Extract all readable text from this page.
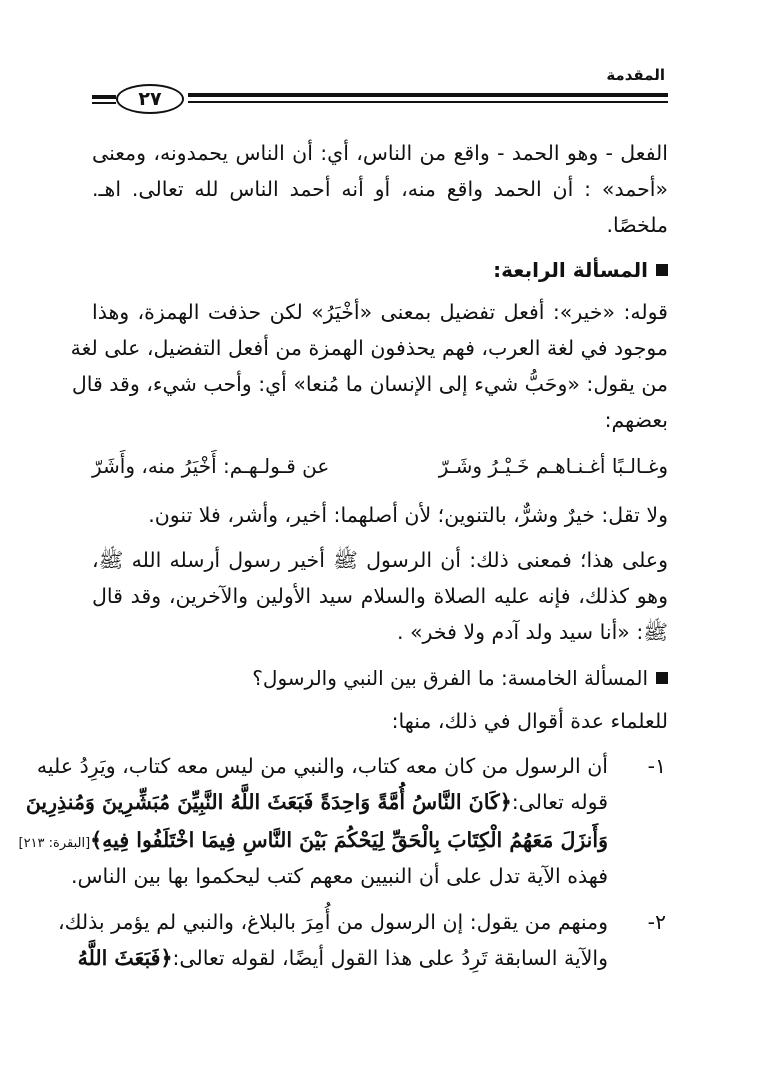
المقدمة
٢٧
الفعل - وهو الحمد - واقع من الناس، أي: أن الناس يحمدونه، ومعنى
«أحمد» : أن الحمد واقع منه، أو أنه أحمد الناس لله تعالى. اهـ.
ملخصًا.
المسألة الرابعة:
قوله: «خير»: أفعل تفضيل بمعنى «أخْيَرُ» لكن حذفت الهمزة، وهذا
موجود في لغة العرب، فهم يحذفون الهمزة من أفعل التفضيل، على لغة
من يقول: «وحَبُّ شيء إلى الإنسان ما مُنعا» أي: وأحب شيء، وقد قال
بعضهم:
وغـالـبًا أغـنـاهـم خَـيْـرُ وشَـرّ
عن قـولـهـم: أَخْيَرُ منه، وأَشَرّ
ولا تقل: خيرٌ وشرٌّ، بالتنوين؛ لأن أصلهما: أخير، وأشر، فلا تنون.
وعلى هذا؛ فمعنى ذلك: أن الرسول ﷺ أخير رسول أرسله الله ﷺ،
وهو كذلك، فإنه عليه الصلاة والسلام سيد الأولين والآخرين، وقد قال
ﷺ: «أنا سيد ولد آدم ولا فخر» .
المسألة الخامسة: ما الفرق بين النبي والرسول؟
للعلماء عدة أقوال في ذلك، منها:
١-
أن الرسول من كان معه كتاب، والنبي من ليس معه كتاب، ويَرِدُ عليه
قوله تعالى:
﴿كَانَ النَّاسُ أُمَّةً وَاحِدَةً فَبَعَثَ اللَّهُ النَّبِيِّنَ مُبَشِّرِينَ وَمُنذِرِينَ
وَأَنزَلَ مَعَهُمُ الْكِتَابَ بِالْحَقِّ لِيَحْكُمَ بَيْنَ النَّاسِ فِيمَا اخْتَلَفُوا فِيهِ﴾
[البقرة: ٢١٣]
فهذه الآية تدل على أن النبيين معهم كتب ليحكموا بها بين الناس.
٢-
ومنهم من يقول: إن الرسول من أُمِرَ بالبلاغ، والنبي لم يؤمر بذلك،
والآية السابقة تَرِدُ على هذا القول أيضًا، لقوله تعالى:
﴿فَبَعَثَ اللَّهُ
